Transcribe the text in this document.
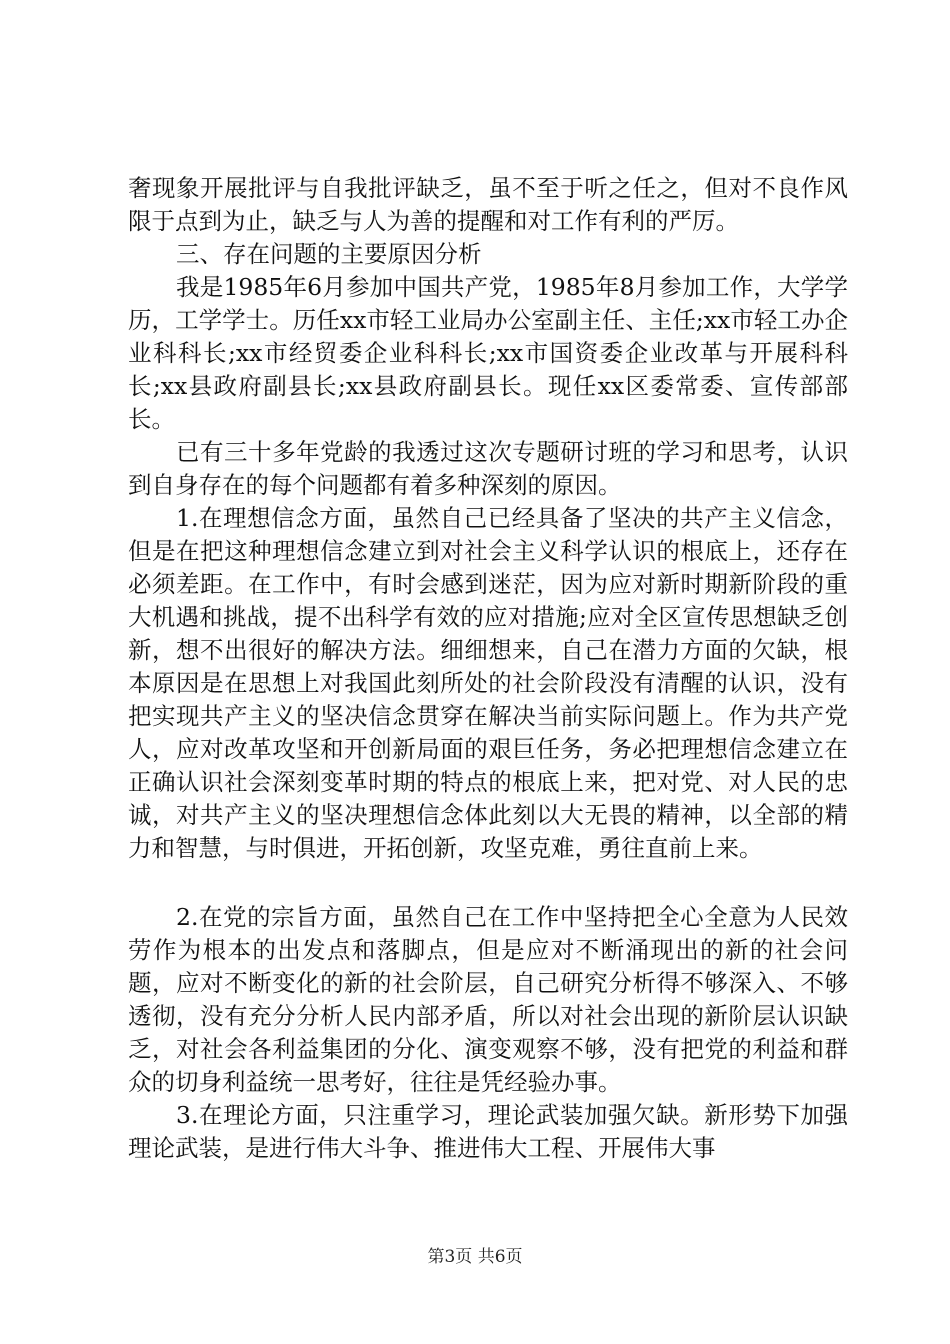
奢现象开展批评与自我批评缺乏，虽不至于听之任之，但对不良作风限于点到为止，缺乏与人为善的提醒和对工作有利的严厉。

三、存在问题的主要原因分析

我是1985年6月参加中国共产党，1985年8月参加工作，大学学历，工学学士。历任xx市轻工业局办公室副主任、主任;xx市轻工办企业科科长;xx市经贸委企业科科长;xx市国资委企业改革与开展科科长;xx县政府副县长;xx县政府副县长。现任xx区委常委、宣传部部长。

已有三十多年党龄的我透过这次专题研讨班的学习和思考，认识到自身存在的每个问题都有着多种深刻的原因。

1.在理想信念方面，虽然自己已经具备了坚决的共产主义信念，但是在把这种理想信念建立到对社会主义科学认识的根底上，还存在必须差距。在工作中，有时会感到迷茫，因为应对新时期新阶段的重大机遇和挑战，提不出科学有效的应对措施;应对全区宣传思想缺乏创新，想不出很好的解决方法。细细想来，自己在潜力方面的欠缺，根本原因是在思想上对我国此刻所处的社会阶段没有清醒的认识，没有把实现共产主义的坚决信念贯穿在解决当前实际问题上。作为共产党人，应对改革攻坚和开创新局面的艰巨任务，务必把理想信念建立在正确认识社会深刻变革时期的特点的根底上来，把对党、对人民的忠诚，对共产主义的坚决理想信念体此刻以大无畏的精神，以全部的精力和智慧，与时俱进，开拓创新，攻坚克难，勇往直前上来。

2.在党的宗旨方面，虽然自己在工作中坚持把全心全意为人民效劳作为根本的出发点和落脚点，但是应对不断涌现出的新的社会问题，应对不断变化的新的社会阶层，自己研究分析得不够深入、不够透彻，没有充分分析人民内部矛盾，所以对社会出现的新阶层认识缺乏，对社会各利益集团的分化、演变观察不够，没有把党的利益和群众的切身利益统一思考好，往往是凭经验办事。

3.在理论方面，只注重学习，理论武装加强欠缺。新形势下加强理论武装，是进行伟大斗争、推进伟大工程、开展伟大事

第3页 共6页
